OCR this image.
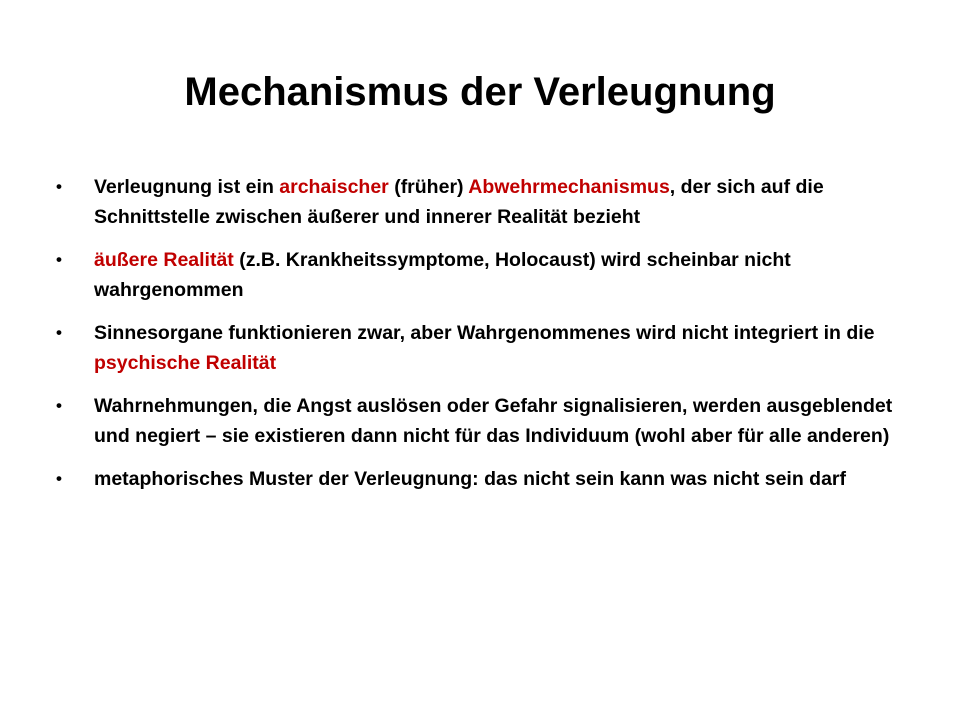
Mechanismus der Verleugnung
•	Verleugnung ist ein archaischer (früher) Abwehrmechanismus, der sich auf die Schnittstelle zwischen äußerer und innerer Realität bezieht
•	äußere Realität (z.B. Krankheitssymptome, Holocaust) wird scheinbar nicht wahrgenommen
•	Sinnesorgane funktionieren zwar, aber Wahrgenommenes wird nicht integriert in die psychische Realität
•	Wahrnehmungen, die Angst auslösen oder Gefahr signalisieren, werden ausgeblendet und negiert – sie existieren dann nicht für das Individuum (wohl aber für alle anderen)
•	metaphorisches Muster der Verleugnung: das nicht sein kann was nicht sein darf
